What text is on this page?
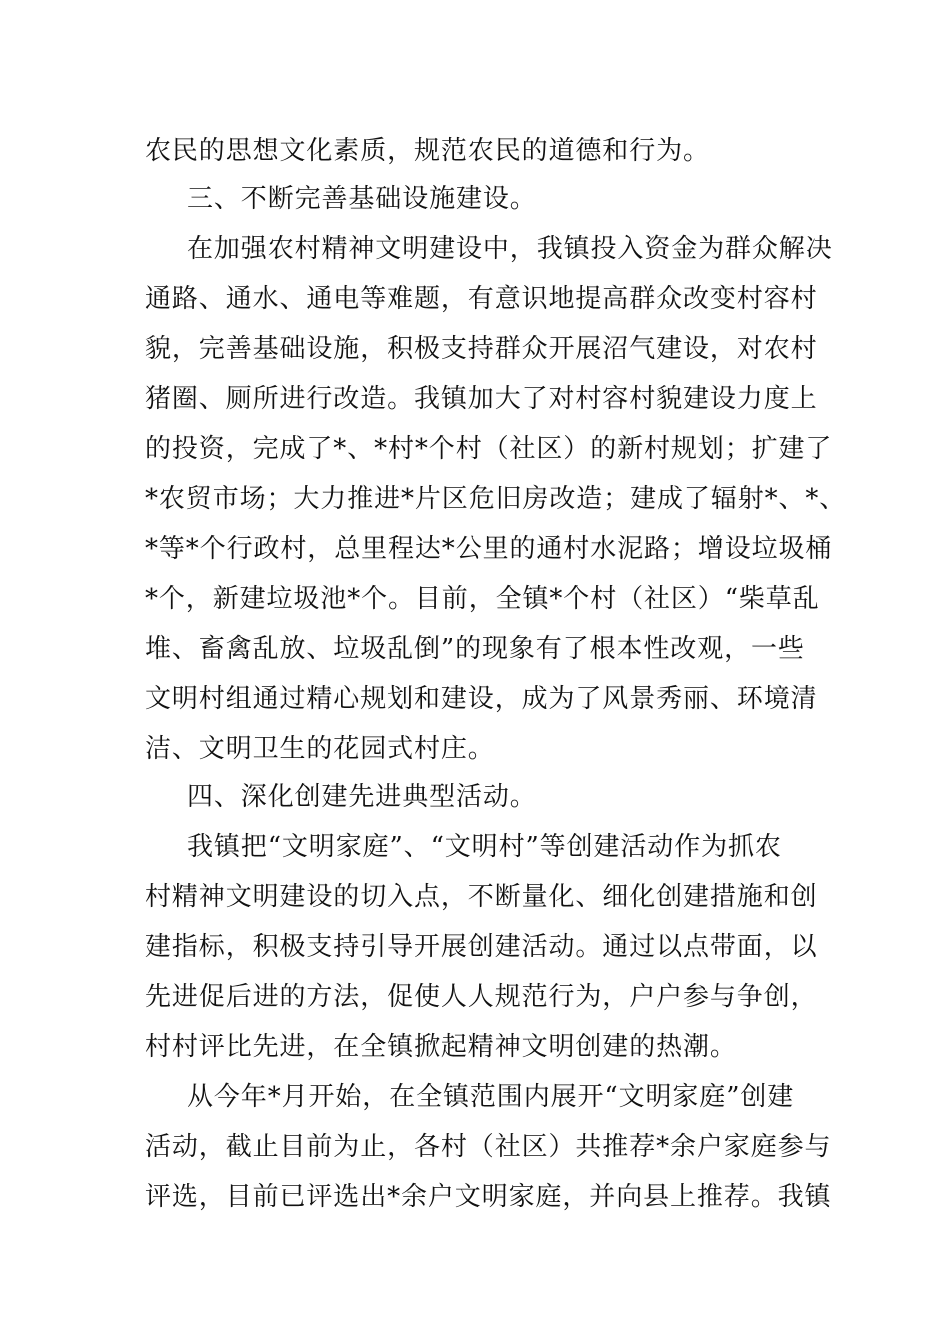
农民的思想文化素质，规范农民的道德和行为。
三、不断完善基础设施建设。
在加强农村精神文明建设中，我镇投入资金为群众解决
通路、通水、通电等难题，有意识地提高群众改变村容村
貌，完善基础设施，积极支持群众开展沼气建设，对农村
猪圈、厕所进行改造。我镇加大了对村容村貌建设力度上
的投资，完成了*、*村*个村（社区）的新村规划；扩建了
*农贸市场；大力推进*片区危旧房改造；建成了辐射*、*、
*等*个行政村，总里程达*公里的通村水泥路；增设垃圾桶
*个，新建垃圾池*个。目前，全镇*个村（社区）“柴草乱
堆、畜禽乱放、垃圾乱倒”的现象有了根本性改观，一些
文明村组通过精心规划和建设，成为了风景秀丽、环境清
洁、文明卫生的花园式村庄。
四、深化创建先进典型活动。
我镇把“文明家庭”、“文明村”等创建活动作为抓农
村精神文明建设的切入点，不断量化、细化创建措施和创
建指标，积极支持引导开展创建活动。通过以点带面，以
先进促后进的方法，促使人人规范行为，户户参与争创，
村村评比先进，在全镇掀起精神文明创建的热潮。
从今年*月开始，在全镇范围内展开“文明家庭”创建
活动，截止目前为止，各村（社区）共推荐*余户家庭参与
评选，目前已评选出*余户文明家庭，并向县上推荐。我镇
